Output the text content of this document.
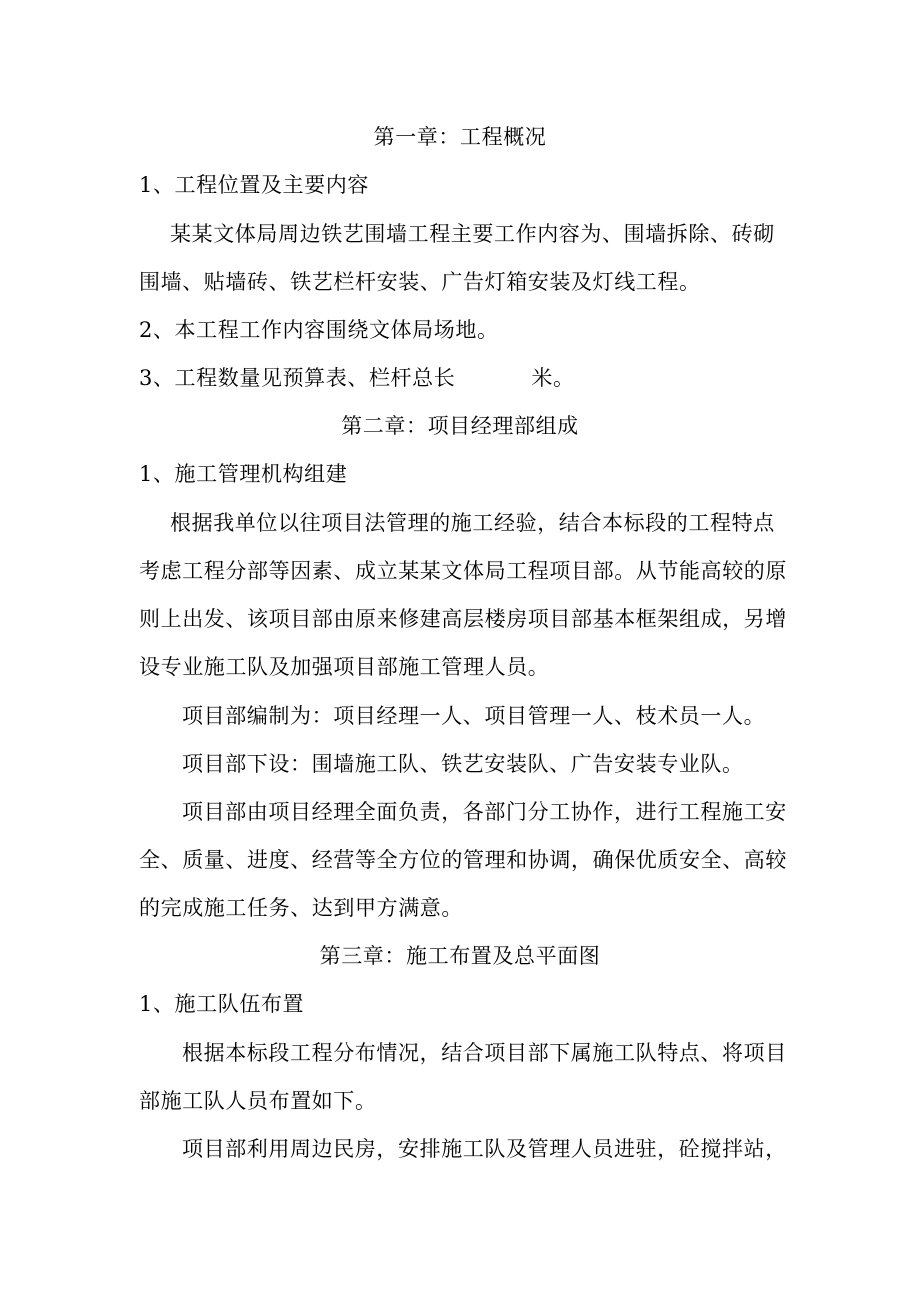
第一章：工程概况
1、工程位置及主要内容
某某文体局周边铁艺围墙工程主要工作内容为、围墙拆除、砖砌
围墙、贴墙砖、铁艺栏杆安装、广告灯箱安装及灯线工程。
2、本工程工作内容围绕文体局场地。
3、工程数量见预算表、栏杆总长	米。
第二章：项目经理部组成
1、施工管理机构组建
根据我单位以往项目法管理的施工经验，结合本标段的工程特点
考虑工程分部等因素、成立某某文体局工程项目部。从节能高较的原
则上出发、该项目部由原来修建高层楼房项目部基本框架组成，另增
设专业施工队及加强项目部施工管理人员。
项目部编制为：项目经理一人、项目管理一人、枝术员一人。
项目部下设：围墙施工队、铁艺安装队、广告安装专业队。
项目部由项目经理全面负责，各部门分工协作，进行工程施工安
全、质量、进度、经营等全方位的管理和协调，确保优质安全、高较
的完成施工任务、达到甲方满意。
第三章：施工布置及总平面图
1、施工队伍布置
根据本标段工程分布情况，结合项目部下属施工队特点、将项目
部施工队人员布置如下。
项目部利用周边民房，安排施工队及管理人员进驻，砼搅拌站，
